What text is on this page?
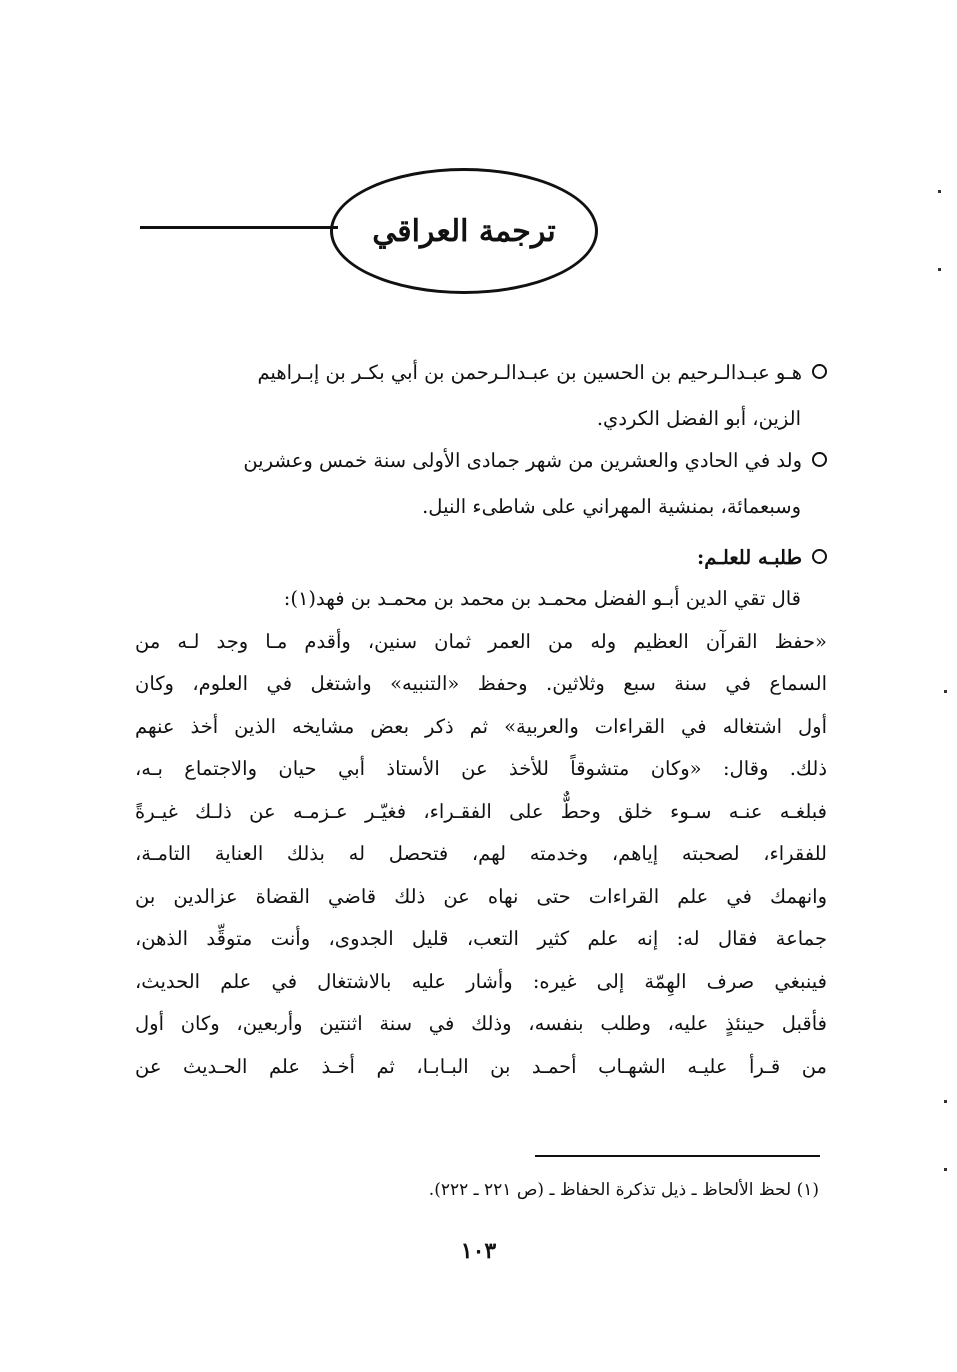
ترجمة العراقي
هـو عبـدالـرحيم بن الحسين بن عبـدالـرحمن بن أبي بكـر بن إبـراهيم
الزين، أبو الفضل الكردي.
ولد في الحادي والعشرين من شهر جمادى الأولى سنة خمس وعشرين
وسبعمائة، بمنشية المهراني على شاطىء النيل.
طلبـه للعلـم:

قال تقي الدين أبـو الفضل محمـد بن محمد بن محمـد بن فهد(١):

«حفظ القرآن العظيم وله من العمر ثمان سنين، وأقدم مـا وجد لـه من

السماع في سنة سبع وثلاثين. وحفظ «التنبيه» واشتغل في العلوم، وكان

أول اشتغاله في القراءات والعربية» ثم ذكر بعض مشايخه الذين أخذ عنهم

ذلك. وقال: «وكان متشوقاً للأخذ عن الأستاذ أبي حيان والاجتماع بـه،

فبلغـه عنـه سـوء خلق وحطٌّ على الفقـراء، فغيّـر عـزمـه عن ذلـك غيـرةً

للفقراء، لصحبته إياهم، وخدمته لهم، فتحصل له بذلك العناية التامـة،

وانهمك في علم القراءات حتى نهاه عن ذلك قاضي القضاة عزالدين بن

جماعة فقال له: إنه علم كثير التعب، قليل الجدوى، وأنت متوقِّد الذهن،

فينبغي صرف الهِمّة إلى غيره: وأشار عليه بالاشتغال في علم الحديث،

فأقبل حينئذٍ عليه، وطلب بنفسه، وذلك في سنة اثنتين وأربعين، وكان أول

من قـرأ عليـه الشهـاب أحمـد بن البـابـا، ثم أخـذ علم الحـديث عن

(١) لحظ الألحاظ ـ ذيل تذكرة الحفاظ ـ (ص ٢٢١ ـ ٢٢٢).
١٠٣
